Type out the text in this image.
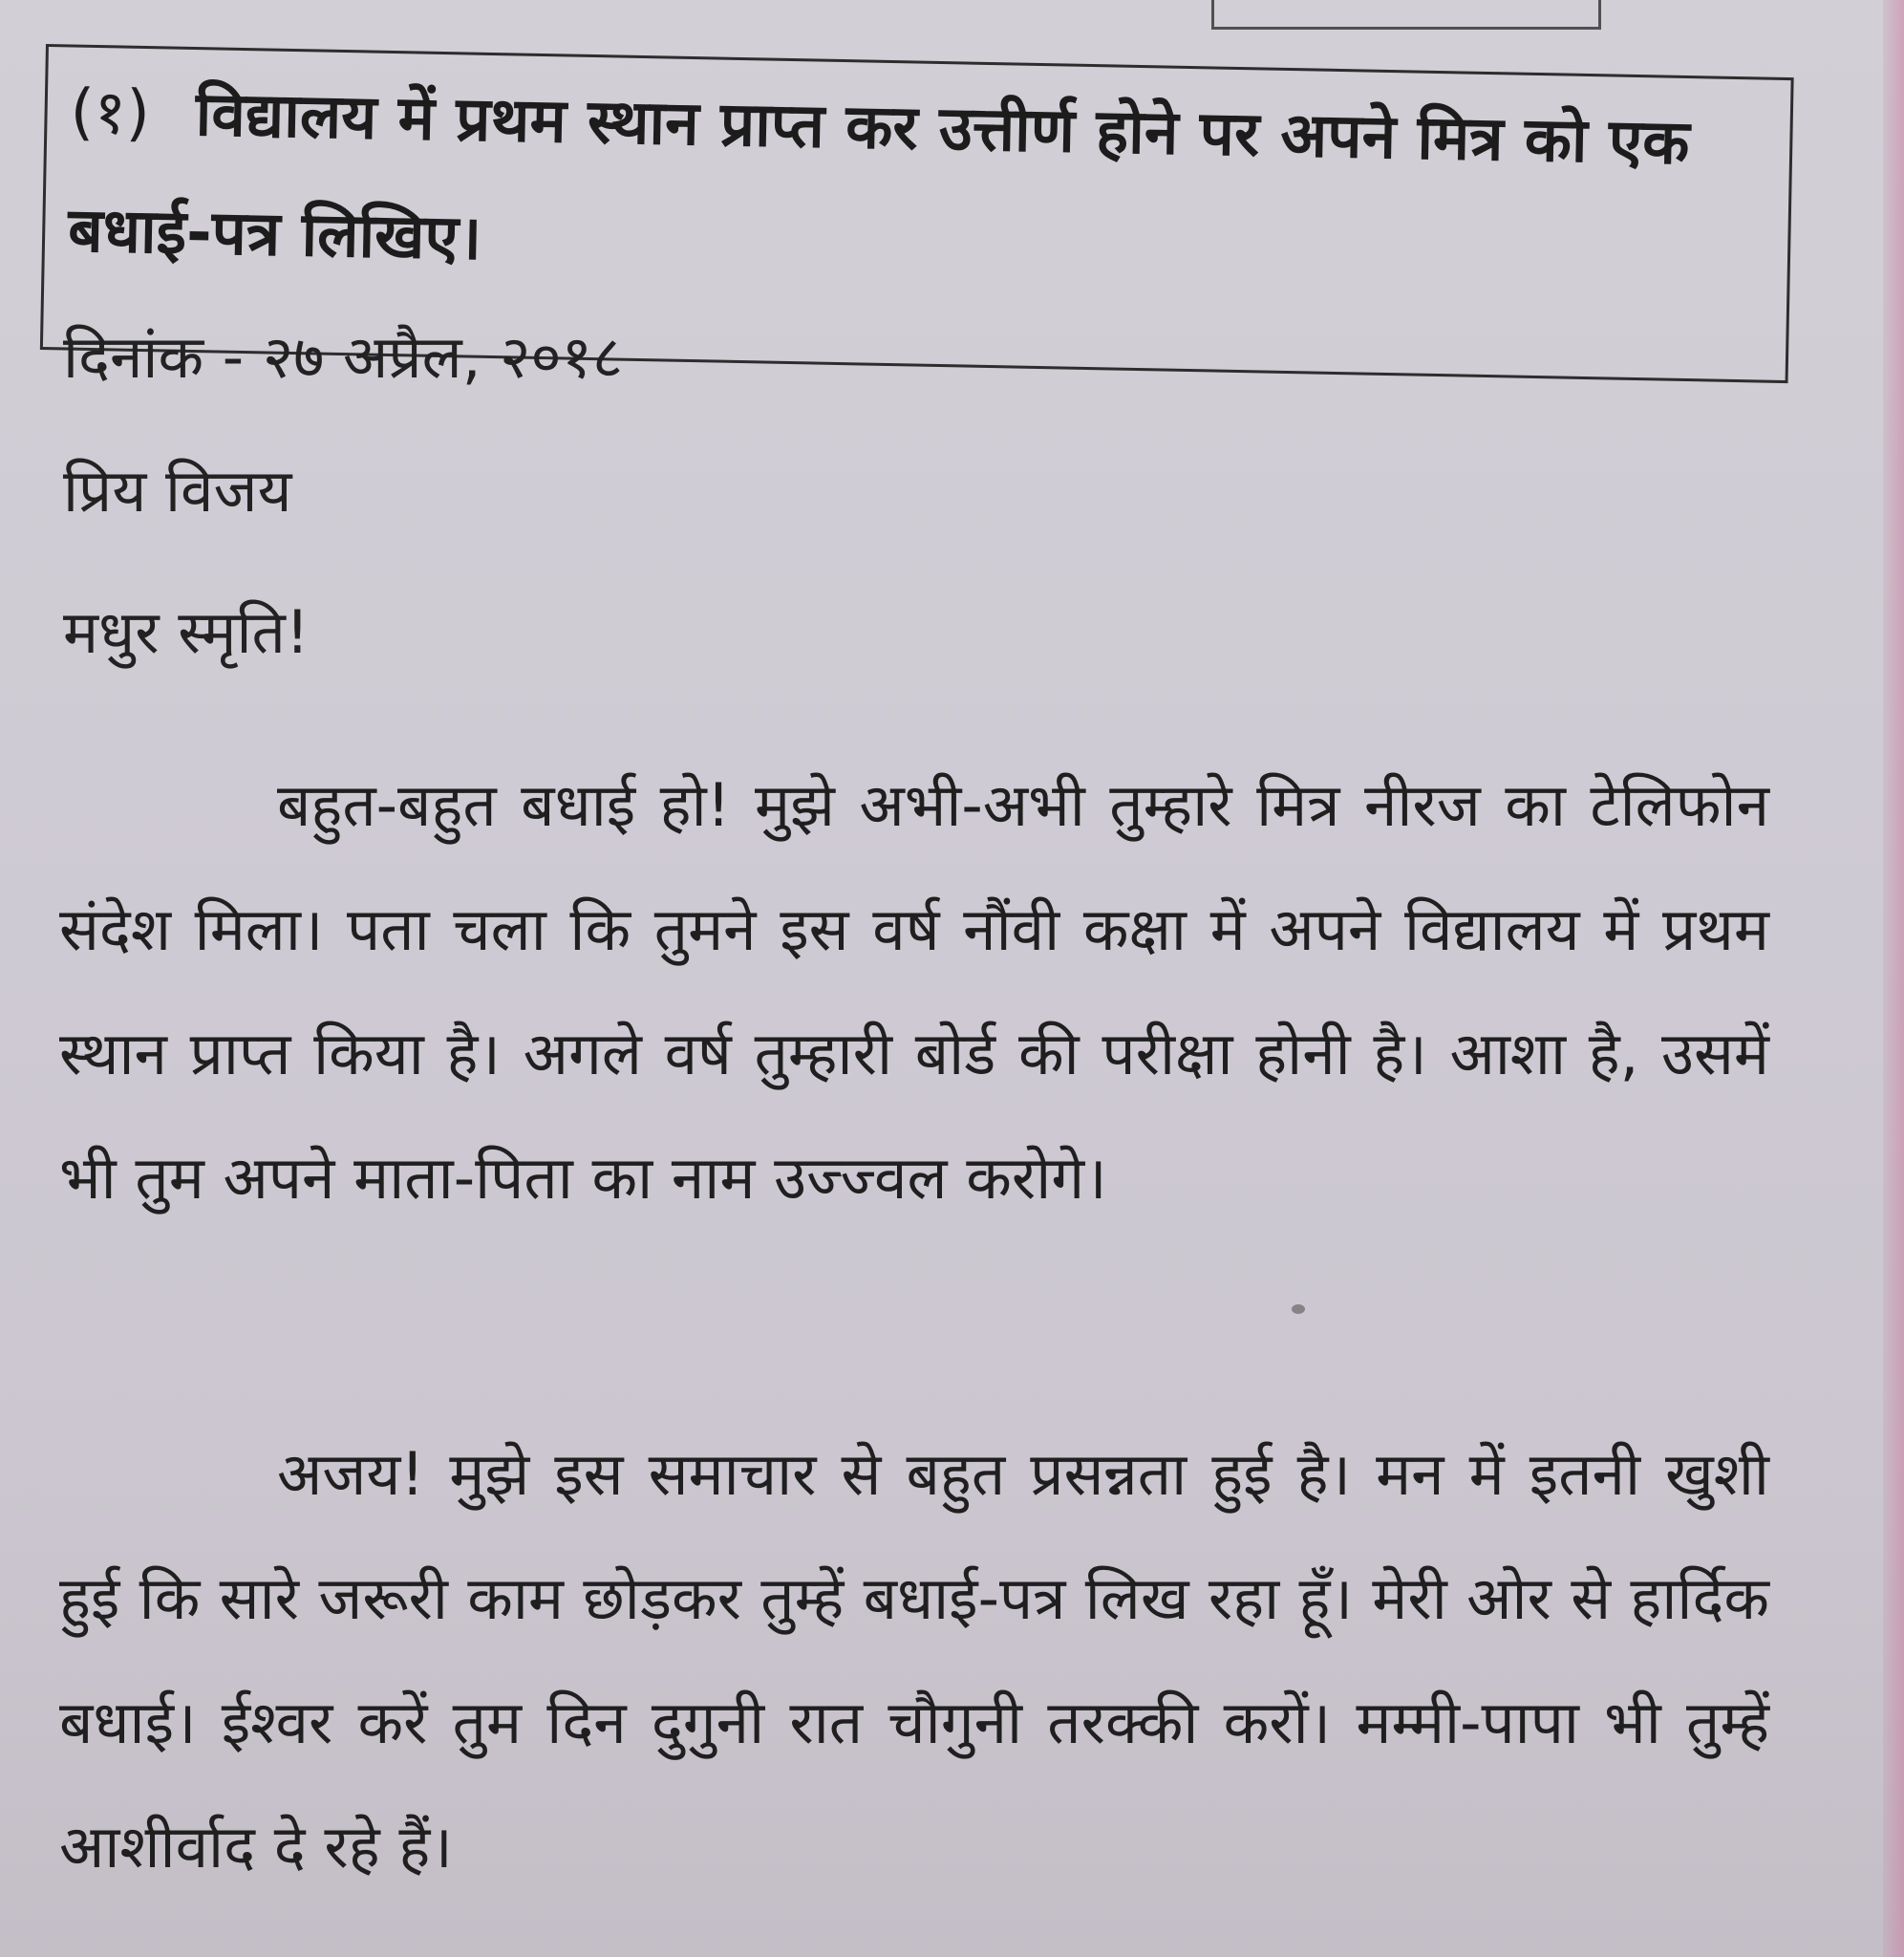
(१) विद्यालय में प्रथम स्थान प्राप्त कर उत्तीर्ण होने पर अपने मित्र को एक बधाई-पत्र लिखिए।

दिनांक - २७ अप्रैल, २०१८

प्रिय विजय

मधुर स्मृति!

बहुत-बहुत बधाई हो! मुझे अभी-अभी तुम्हारे मित्र नीरज का टेलिफोन संदेश मिला। पता चला कि तुमने इस वर्ष नौंवी कक्षा में अपने विद्यालय में प्रथम स्थान प्राप्त किया है। अगले वर्ष तुम्हारी बोर्ड की परीक्षा होनी है। आशा है, उसमें भी तुम अपने माता-पिता का नाम उज्ज्वल करोगे।

अजय! मुझे इस समाचार से बहुत प्रसन्नता हुई है। मन में इतनी खुशी हुई कि सारे जरूरी काम छोड़कर तुम्हें बधाई-पत्र लिख रहा हूँ। मेरी ओर से हार्दिक बधाई। ईश्वर करें तुम दिन दुगुनी रात चौगुनी तरक्की करों। मम्मी-पापा भी तुम्हें आशीर्वाद दे रहे हैं।
